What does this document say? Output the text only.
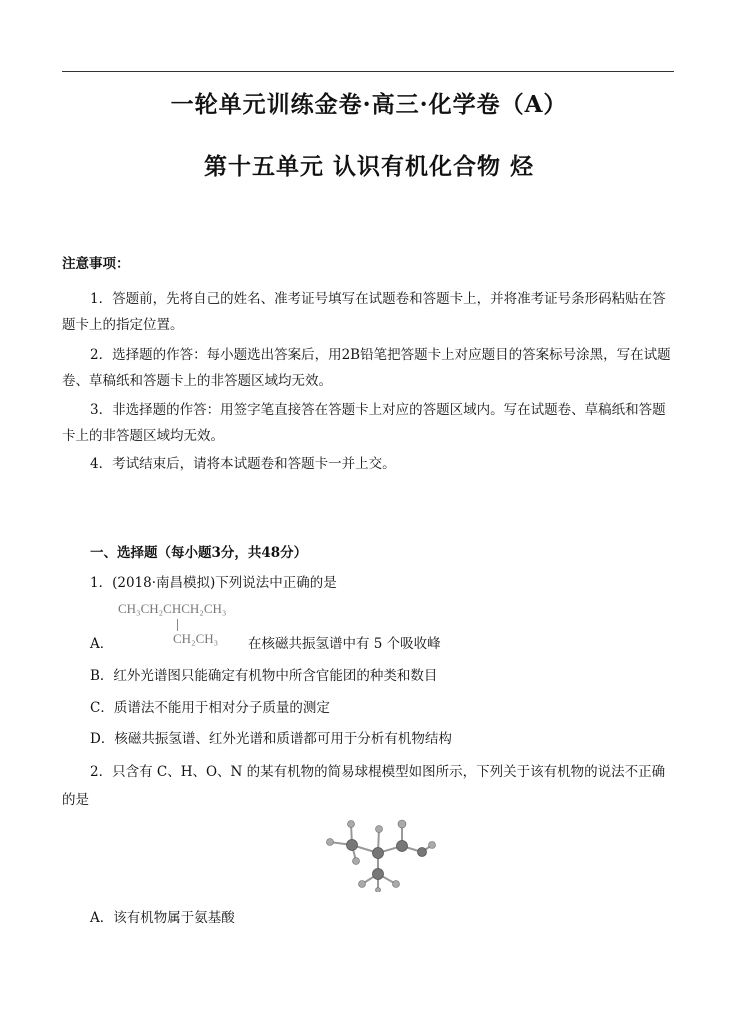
一轮单元训练金卷·高三·化学卷（A）
第十五单元 认识有机化合物 烃
注意事项：
1．答题前，先将自己的姓名、准考证号填写在试题卷和答题卡上，并将准考证号条形码粘贴在答题卡上的指定位置。
2．选择题的作答：每小题选出答案后，用2B铅笔把答题卡上对应题目的答案标号涂黑，写在试题卷、草稿纸和答题卡上的非答题区域均无效。
3．非选择题的作答：用签字笔直接答在答题卡上对应的答题区域内。写在试题卷、草稿纸和答题卡上的非答题区域均无效。
4．考试结束后，请将本试题卷和答题卡一并上交。
一、选择题（每小题3分，共48分）
1．(2018·南昌模拟)下列说法中正确的是
CH₃CH₂CHCH₂CH₃
CH₂CH₃
A．	在核磁共振氢谱中有 5 个吸收峰
B．红外光谱图只能确定有机物中所含官能团的种类和数目
C．质谱法不能用于相对分子质量的测定
D．核磁共振氢谱、红外光谱和质谱都可用于分析有机物结构
2．只含有 C、H、O、N 的某有机物的简易球棍模型如图所示，下列关于该有机物的说法不正确
的是
A．该有机物属于氨基酸
